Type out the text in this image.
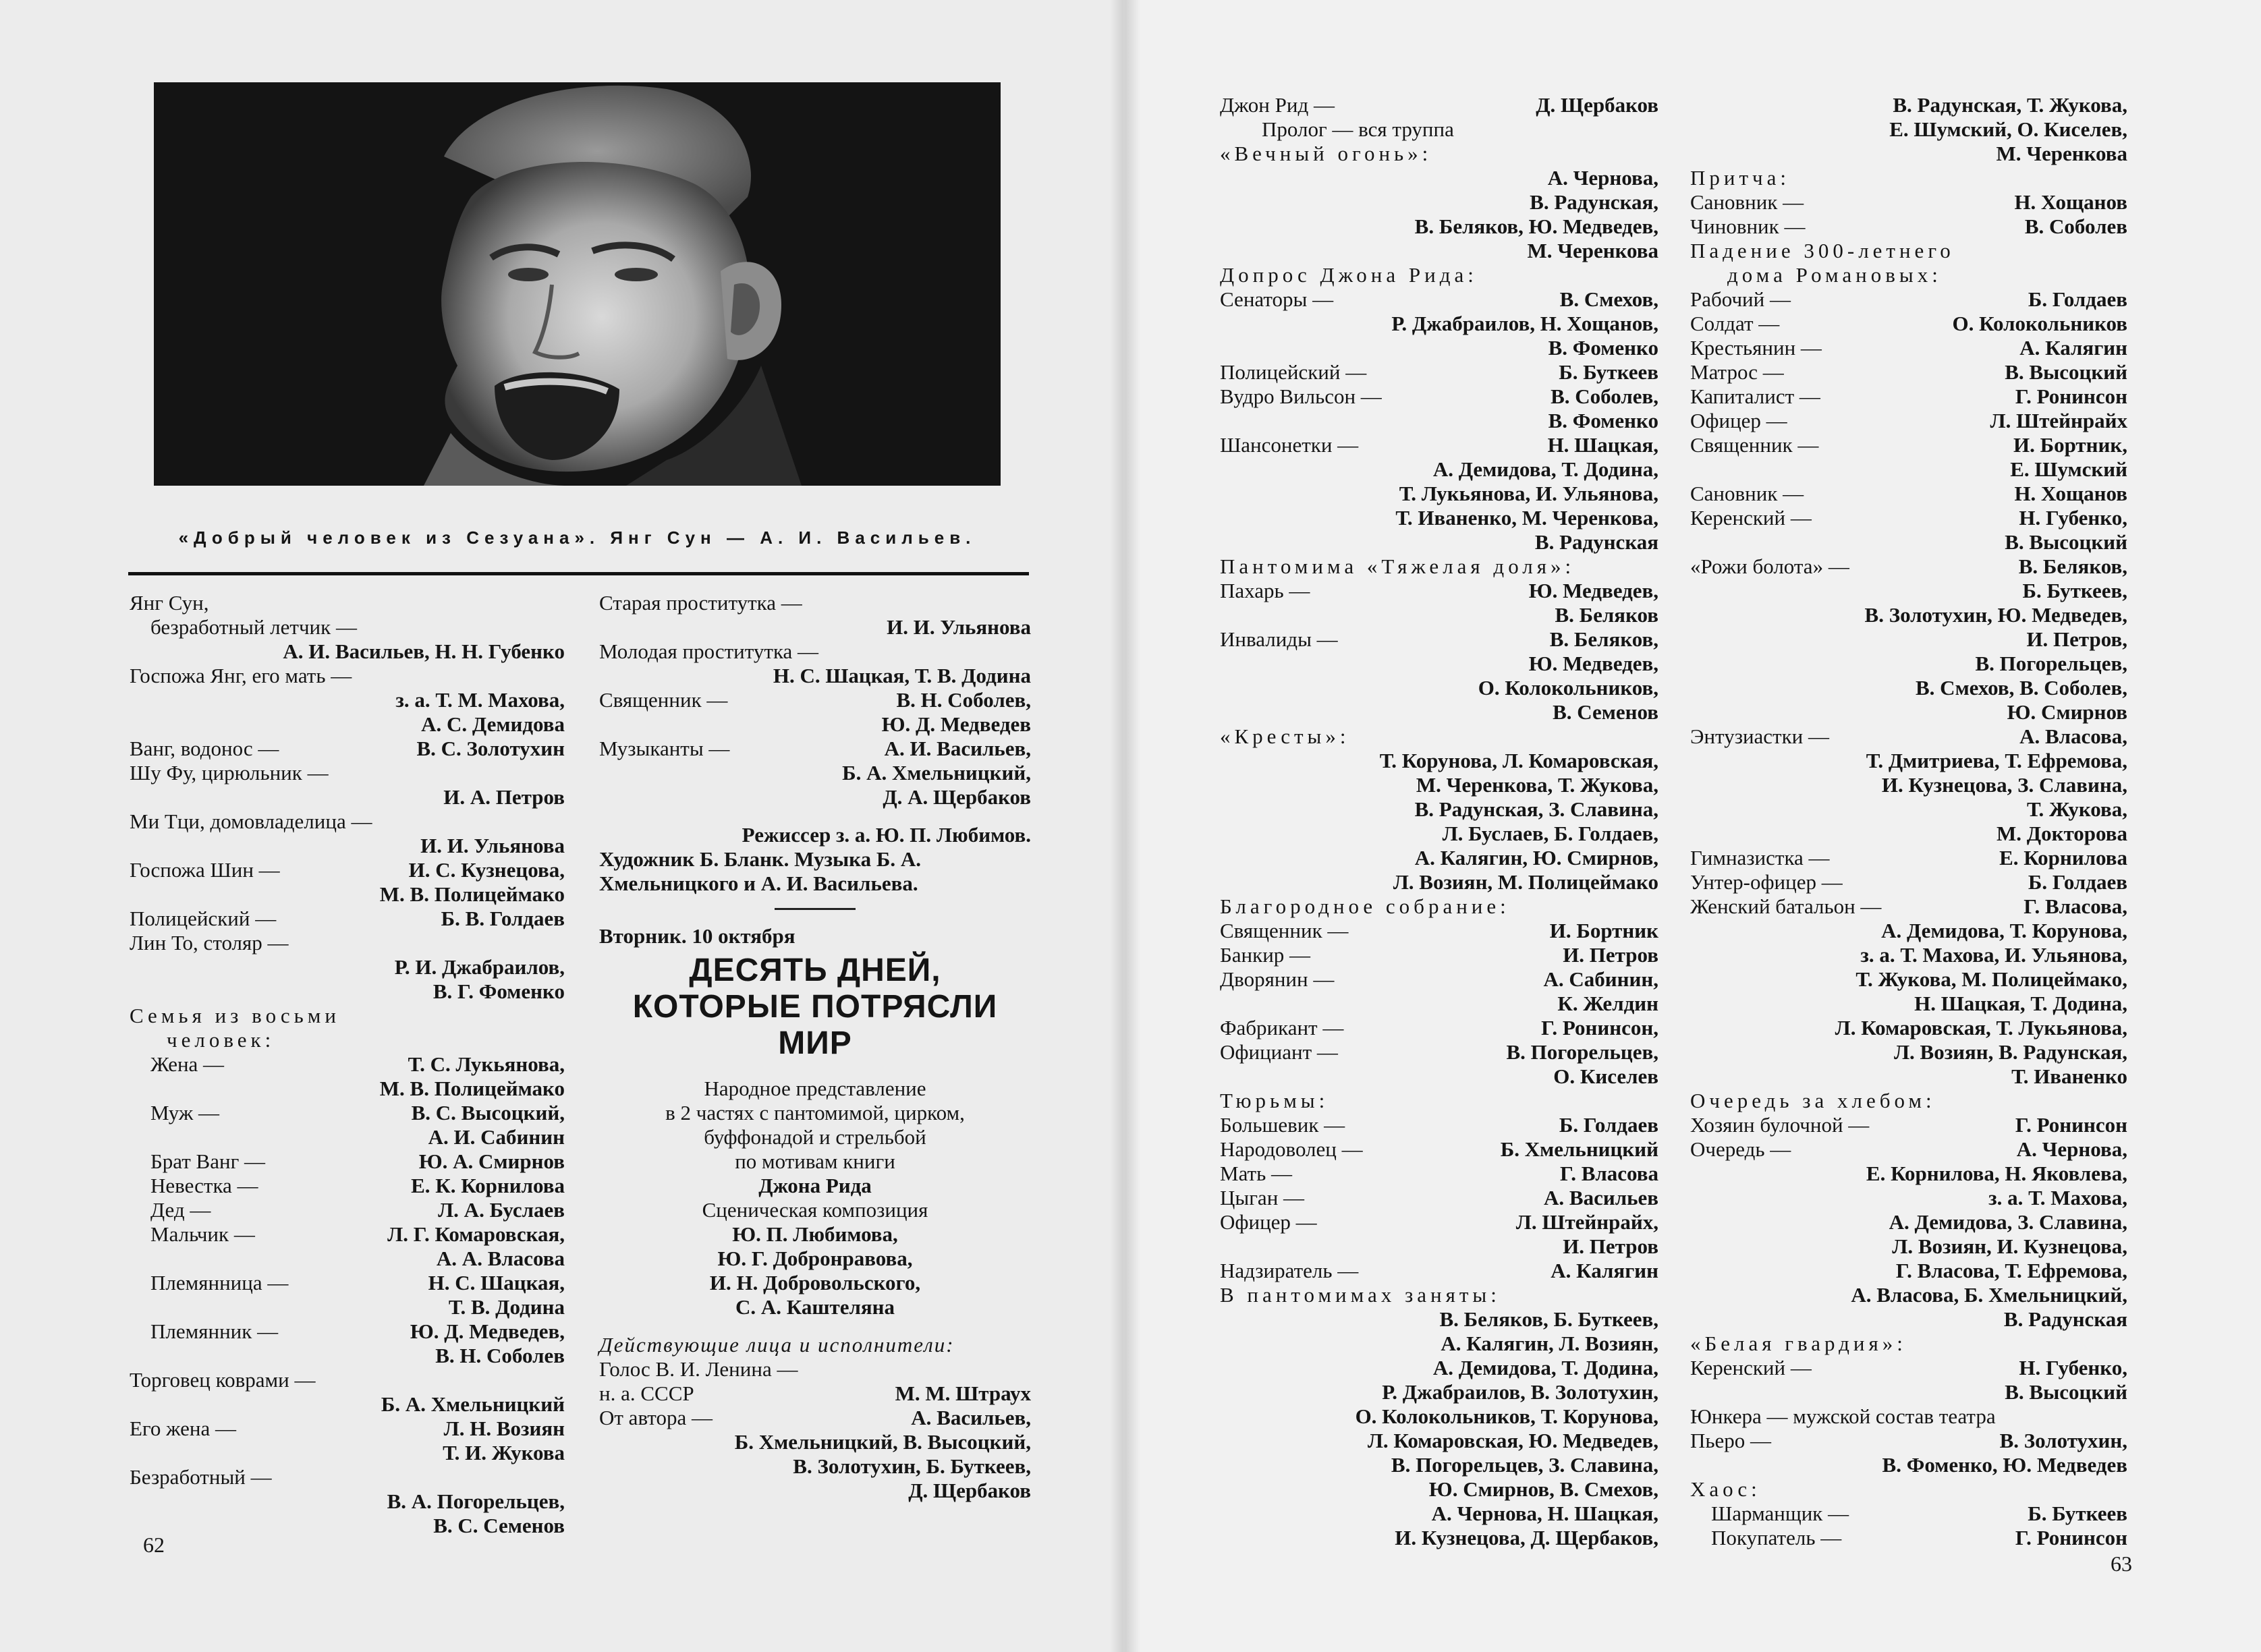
«Добрый человек из Сезуана». Янг Сун — А. И. Васильев.
Янг Сун,
безработный летчик —
А. И. Васильев, Н. Н. Губенко
Госпожа Янг, его мать —
з. а. Т. М. Махова,
А. С. Демидова
Ванг, водонос —	В. С. Золотухин
Шу Фу, цирюльник —
И. А. Петров
Ми Тци, домовладелица —
И. И. Ульянова
Госпожа Шин —	И. С. Кузнецова,
М. В. Полицеймако
Полицейский —	Б. В. Голдаев
Лин То, столяр —
Р. И. Джабраилов,
В. Г. Фоменко
Семья из восьми
человек:
Жена —	Т. С. Лукьянова,
М. В. Полицеймако
Муж —	В. С. Высоцкий,
А. И. Сабинин
Брат Ванг —	Ю. А. Смирнов
Невестка —	Е. К. Корнилова
Дед —	Л. А. Буслаев
Мальчик —	Л. Г. Комаровская,
А. А. Власова
Племянница —	Н. С. Шацкая,
Т. В. Додина
Племянник —	Ю. Д. Медведев,
В. Н. Соболев
Торговец коврами —
Б. А. Хмельницкий
Его жена —	Л. Н. Возиян
Т. И. Жукова
Безработный —
В. А. Погорельцев,
В. С. Семенов
Старая проститутка —
И. И. Ульянова
Молодая проститутка —
Н. С. Шацкая, Т. В. Додина
Священник —	В. Н. Соболев,
Ю. Д. Медведев
Музыканты —	А. И. Васильев,
Б. А. Хмельницкий,
Д. А. Щербаков
Режиссер з. а. Ю. П. Любимов.
Художник Б. Бланк. Музыка Б. А.
Хмельницкого и А. И. Васильева.
Вторник. 10 октября
ДЕСЯТЬ ДНЕЙ,
КОТОРЫЕ ПОТРЯСЛИ
МИР
Народное представление
в 2 частях с пантомимой, цирком,
буффонадой и стрельбой
по мотивам книги
Джона Рида
Сценическая композиция
Ю. П. Любимова,
Ю. Г. Добронравова,
И. Н. Добровольского,
С. А. Каштеляна
Действующие лица и исполнители:
Голос В. И. Ленина —
н. а. СССР	М. М. Штраух
От автора —	А. Васильев,
Б. Хмельницкий, В. Высоцкий,
В. Золотухин, Б. Буткеев,
Д. Щербаков
62
Джон Рид —	Д. Щербаков
Пролог — вся труппа
«Вечный огонь»:
А. Чернова,
В. Радунская,
В. Беляков, Ю. Медведев,
М. Черенкова
Допрос Джона Рида:
Сенаторы —	В. Смехов,
Р. Джабраилов, Н. Хощанов,
В. Фоменко
Полицейский —	Б. Буткеев
Вудро Вильсон —	В. Соболев,
В. Фоменко
Шансонетки —	Н. Шацкая,
А. Демидова, Т. Додина,
Т. Лукьянова, И. Ульянова,
Т. Иваненко, М. Черенкова,
В. Радунская
Пантомима «Тяжелая доля»:
Пахарь —	Ю. Медведев,
В. Беляков
Инвалиды —	В. Беляков,
Ю. Медведев,
О. Колокольников,
В. Семенов
«Кресты»:
Т. Корунова, Л. Комаровская,
М. Черенкова, Т. Жукова,
В. Радунская, З. Славина,
Л. Буслаев, Б. Голдаев,
А. Калягин, Ю. Смирнов,
Л. Возиян, М. Полицеймако
Благородное собрание:
Священник —	И. Бортник
Банкир —	И. Петров
Дворянин —	А. Сабинин,
К. Желдин
Фабрикант —	Г. Ронинсон,
Официант —	В. Погорельцев,
О. Киселев
Тюрьмы:
Большевик —	Б. Голдаев
Народоволец —	Б. Хмельницкий
Мать —	Г. Власова
Цыган —	А. Васильев
Офицер —	Л. Штейнрайх,
И. Петров
Надзиратель —	А. Калягин
В пантомимах заняты:
В. Беляков, Б. Буткеев,
А. Калягин, Л. Возиян,
А. Демидова, Т. Додина,
Р. Джабраилов, В. Золотухин,
О. Колокольников, Т. Корунова,
Л. Комаровская, Ю. Медведев,
В. Погорельцев, З. Славина,
Ю. Смирнов, В. Смехов,
А. Чернова, Н. Шацкая,
И. Кузнецова, Д. Щербаков,
В. Радунская, Т. Жукова,
Е. Шумский, О. Киселев,
М. Черенкова
Притча:
Сановник —	Н. Хощанов
Чиновник —	В. Соболев
Падение 300-летнего
дома Романовых:
Рабочий —	Б. Голдаев
Солдат —	О. Колокольников
Крестьянин —	А. Калягин
Матрос —	В. Высоцкий
Капиталист —	Г. Ронинсон
Офицер —	Л. Штейнрайх
Священник —	И. Бортник,
Е. Шумский
Сановник —	Н. Хощанов
Керенский —	Н. Губенко,
В. Высоцкий
«Рожи болота» —	В. Беляков,
Б. Буткеев,
В. Золотухин, Ю. Медведев,
И. Петров,
В. Погорельцев,
В. Смехов, В. Соболев,
Ю. Смирнов
Энтузиастки —	А. Власова,
Т. Дмитриева, Т. Ефремова,
И. Кузнецова, З. Славина,
Т. Жукова,
М. Докторова
Гимназистка —	Е. Корнилова
Унтер-офицер —	Б. Голдаев
Женский батальон —	Г. Власова,
А. Демидова, Т. Корунова,
з. а. Т. Махова, И. Ульянова,
Т. Жукова, М. Полицеймако,
Н. Шацкая, Т. Додина,
Л. Комаровская, Т. Лукьянова,
Л. Возиян, В. Радунская,
Т. Иваненко
Очередь за хлебом:
Хозяин булочной —	Г. Ронинсон
Очередь —	А. Чернова,
Е. Корнилова, Н. Яковлева,
з. а. Т. Махова,
А. Демидова, З. Славина,
Л. Возиян, И. Кузнецова,
Г. Власова, Т. Ефремова,
А. Власова, Б. Хмельницкий,
В. Радунская
«Белая гвардия»:
Керенский —	Н. Губенко,
В. Высоцкий
Юнкера — мужской состав театра
Пьеро —	В. Золотухин,
В. Фоменко, Ю. Медведев
Хаос:
Шарманщик —	Б. Буткеев
Покупатель —	Г. Ронинсон
63
